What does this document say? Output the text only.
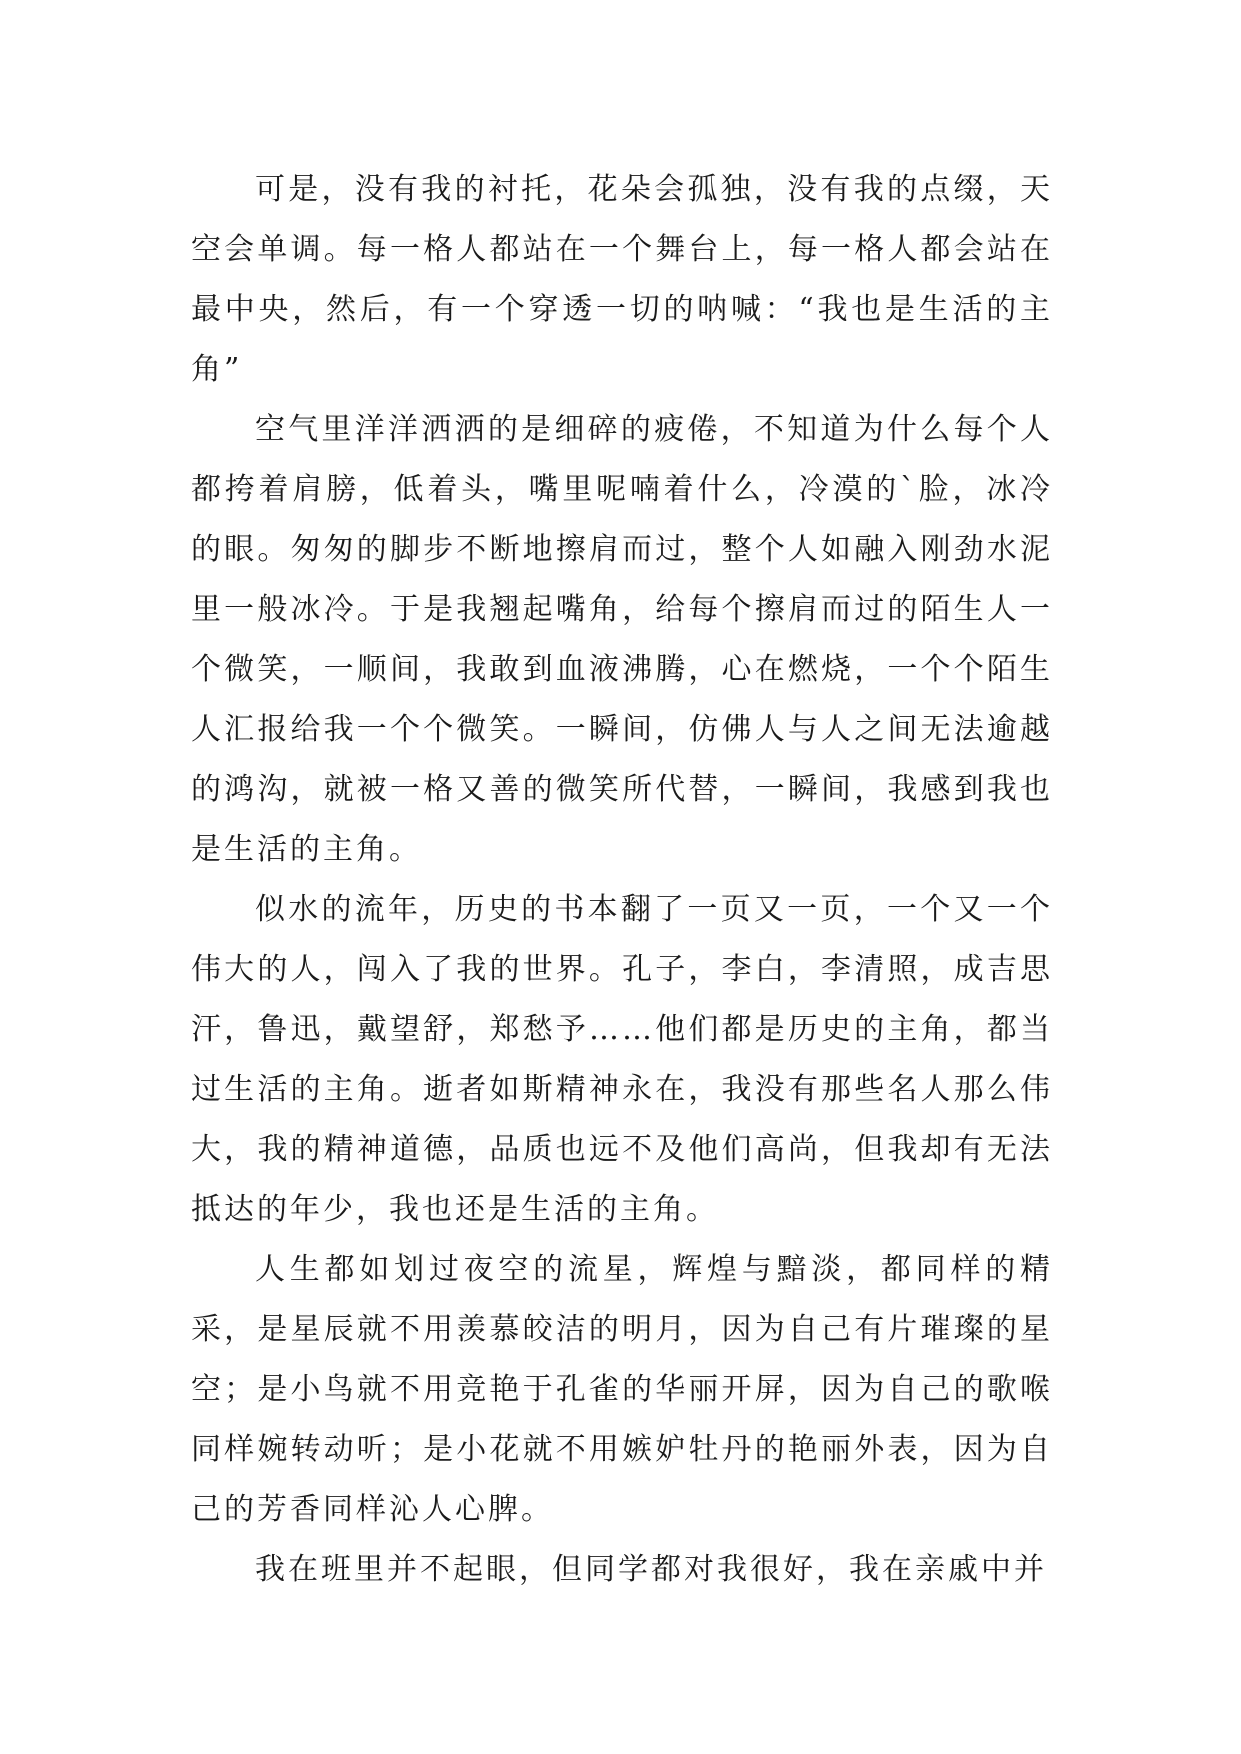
可是，没有我的衬托，花朵会孤独，没有我的点缀，天空会单调。每一格人都站在一个舞台上，每一格人都会站在最中央，然后，有一个穿透一切的呐喊：“我也是生活的主角”

空气里洋洋洒洒的是细碎的疲倦，不知道为什么每个人都挎着肩膀，低着头，嘴里呢喃着什么，冷漠的`脸，冰冷的眼。匆匆的脚步不断地擦肩而过，整个人如融入刚劲水泥里一般冰冷。于是我翘起嘴角，给每个擦肩而过的陌生人一个微笑，一顺间，我敢到血液沸腾，心在燃烧，一个个陌生人汇报给我一个个微笑。一瞬间，仿佛人与人之间无法逾越的鸿沟，就被一格又善的微笑所代替，一瞬间，我感到我也是生活的主角。

似水的流年，历史的书本翻了一页又一页，一个又一个伟大的人，闯入了我的世界。孔子，李白，李清照，成吉思汗，鲁迅，戴望舒，郑愁予……他们都是历史的主角，都当过生活的主角。逝者如斯精神永在，我没有那些名人那么伟大，我的精神道德，品质也远不及他们高尚，但我却有无法抵达的年少，我也还是生活的主角。

人生都如划过夜空的流星，辉煌与黯淡，都同样的精采，是星辰就不用羡慕皎洁的明月，因为自己有片璀璨的星空；是小鸟就不用竞艳于孔雀的华丽开屏，因为自己的歌喉同样婉转动听；是小花就不用嫉妒牡丹的艳丽外表，因为自己的芳香同样沁人心脾。

我在班里并不起眼，但同学都对我很好，我在亲戚中并
